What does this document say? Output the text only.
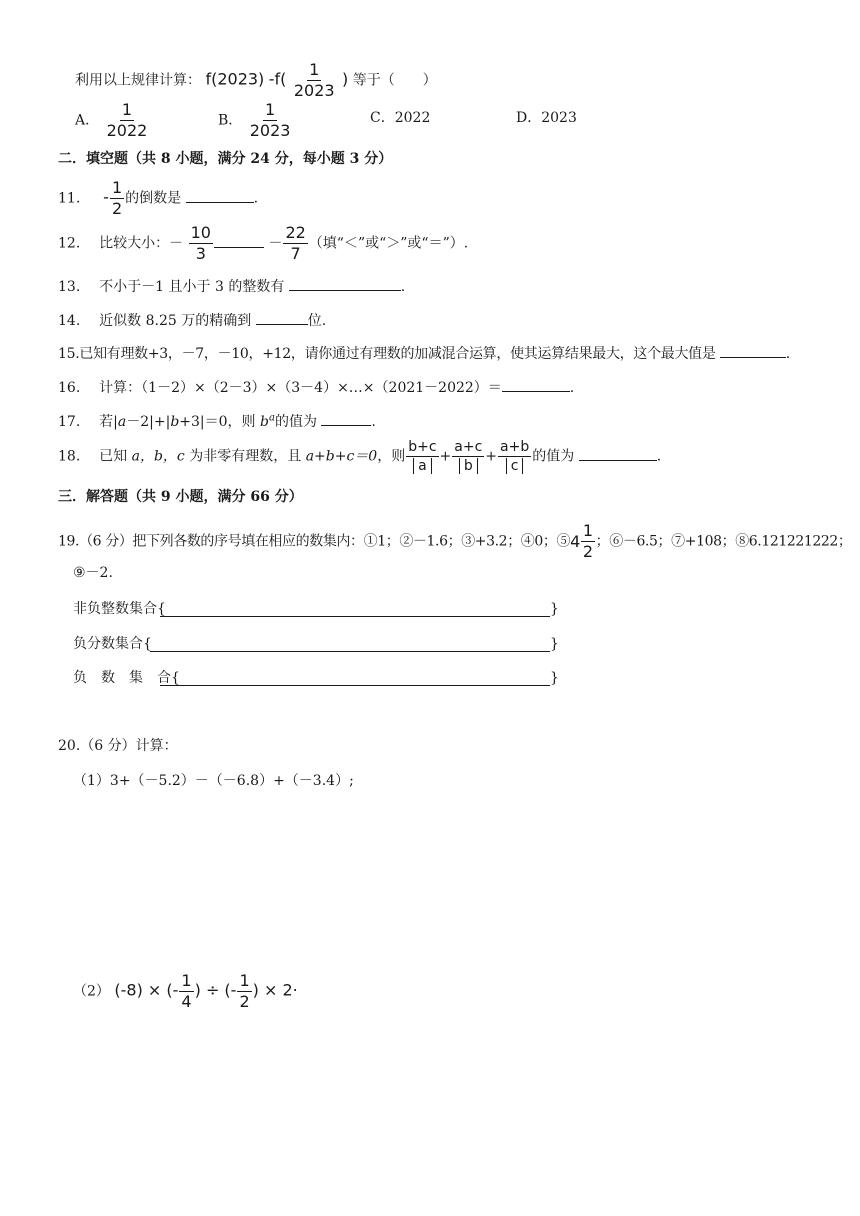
利用以上规律计算： f(2023) $-f( \frac{1}{2023}$ ) 等于（　　）
A． $\frac{1}{2022}$	B． $\frac{1}{2023}$	C．2022	D．2023
二．填空题（共 8 小题，满分 24 分，每小题 3 分）
11. - $\frac{1}{2}$ 的倒数是	.
12. 比较大小：－ $\frac{10}{3}$	－ $\frac{22}{7}$ （填“＜”或“＞”或“＝”）.
13. 不小于－1 且小于 3 的整数有	.
14. 近似数 8.25 万的精确到	位.
15.已知有理数+3，－7，－10，+12，请你通过有理数的加减混合运算，使其运算结果最大，这个最大值是	.
16. 计算：（1－2）×（2－3）×（3－4）×…×（2021－2022）＝	.
17. 若|a－2|+|b+3|＝0，则 $b^a$的值为	.
18. 已知 a，b，c 为非零有理数，且 a+b+c＝0，则 $\frac{b+c}{a} + \frac{a+c}{b} + \frac{a+b}{c}$ 的值为	.
三．解答题（共 9 小题，满分 66 分）
19.（6 分）把下列各数的序号填在相应的数集内：①1；②－1.6；③+3.2；④0；⑤ $4 \frac{1}{2}$ ；⑥－6.5；⑦+108；⑧6.121221222；
⑨－2.
非负整数集合{	}
负分数集合{	}
负　数　集　合{	}
20.（6 分）计算：
（1）3+（－5.2）－（－6.8）+（－3.4）;
（2） (-8) × (- $\frac{1}{4}$ ) ÷ (- $\frac{1}{2}$ ) × 2·
